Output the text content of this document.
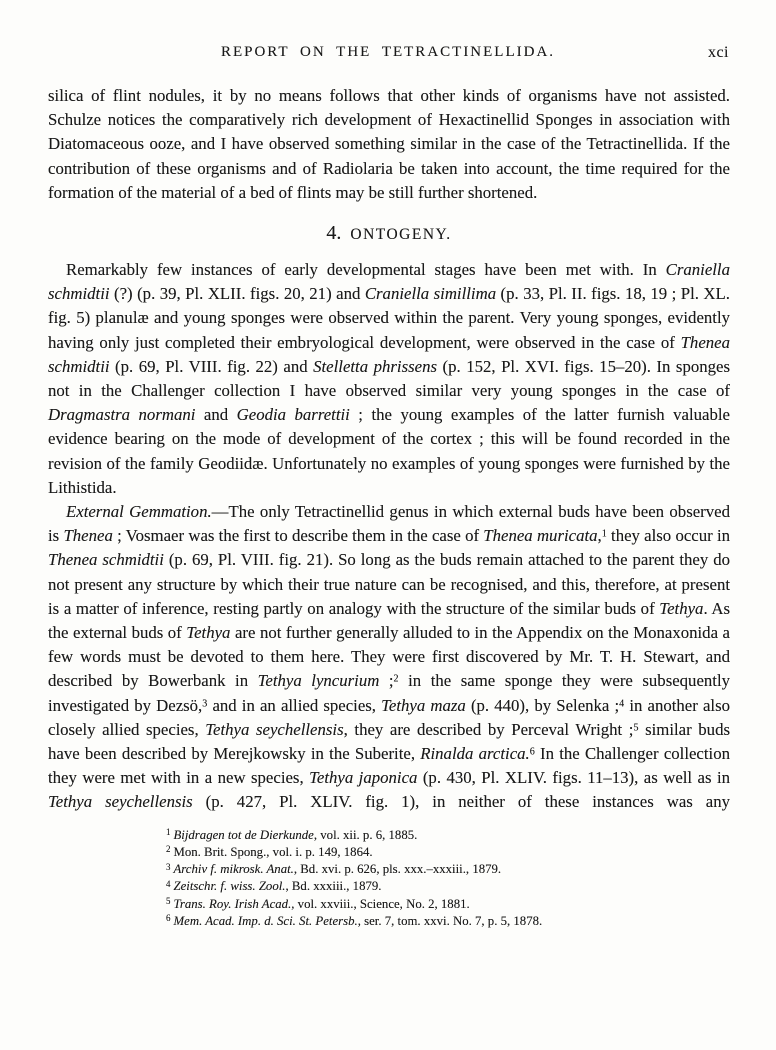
REPORT ON THE TETRACTINELLIDA.	xci

silica of flint nodules, it by no means follows that other kinds of organisms have not assisted. Schulze notices the comparatively rich development of Hexactinellid Sponges in association with Diatomaceous ooze, and I have observed something similar in the case of the Tetractinellida. If the contribution of these organisms and of Radiolaria be taken into account, the time required for the formation of the material of a bed of flints may be still further shortened.

4. ONTOGENY.

Remarkably few instances of early developmental stages have been met with. In Craniella schmidtii (?) (p. 39, Pl. XLII. figs. 20, 21) and Craniella simillima (p. 33, Pl. II. figs. 18, 19 ; Pl. XL. fig. 5) planulæ and young sponges were observed within the parent. Very young sponges, evidently having only just completed their embryological development, were observed in the case of Thenea schmidtii (p. 69, Pl. VIII. fig. 22) and Stelletta phrissens (p. 152, Pl. XVI. figs. 15–20). In sponges not in the Challenger collection I have observed similar very young sponges in the case of Dragmastra normani and Geodia barrettii ; the young examples of the latter furnish valuable evidence bearing on the mode of development of the cortex ; this will be found recorded in the revision of the family Geodiidæ. Unfortunately no examples of young sponges were furnished by the Lithistida.

External Gemmation.—The only Tetractinellid genus in which external buds have been observed is Thenea ; Vosmaer was the first to describe them in the case of Thenea muricata,$^1$ they also occur in Thenea schmidtii (p. 69, Pl. VIII. fig. 21). So long as the buds remain attached to the parent they do not present any structure by which their true nature can be recognised, and this, therefore, at present is a matter of inference, resting partly on analogy with the structure of the similar buds of Tethya. As the external buds of Tethya are not further generally alluded to in the Appendix on the Monaxonida a few words must be devoted to them here. They were first discovered by Mr. T. H. Stewart, and described by Bowerbank in Tethya lyncurium ;$^2$ in the same sponge they were subsequently investigated by Dezsö,$^3$ and in an allied species, Tethya maza (p. 440), by Selenka ;$^4$ in another also closely allied species, Tethya seychellensis, they are described by Perceval Wright ;$^5$ similar buds have been described by Merejkowsky in the Suberite, Rinalda arctica.$^6$ In the Challenger collection they were met with in a new species, Tethya japonica (p. 430, Pl. XLIV. figs. 11–13), as well as in Tethya seychellensis (p. 427, Pl. XLIV. fig. 1), in neither of these instances was any

$^1$ Bijdragen tot de Dierkunde, vol. xii. p. 6, 1885.
$^2$ Mon. Brit. Spong., vol. i. p. 149, 1864.
$^3$ Archiv f. mikrosk. Anat., Bd. xvi. p. 626, pls. xxx.–xxxiii., 1879.
$^4$ Zeitschr. f. wiss. Zool., Bd. xxxiii., 1879.
$^5$ Trans. Roy. Irish Acad., vol. xxviii., Science, No. 2, 1881.
$^6$ Mem. Acad. Imp. d. Sci. St. Petersb., ser. 7, tom. xxvi. No. 7, p. 5, 1878.
